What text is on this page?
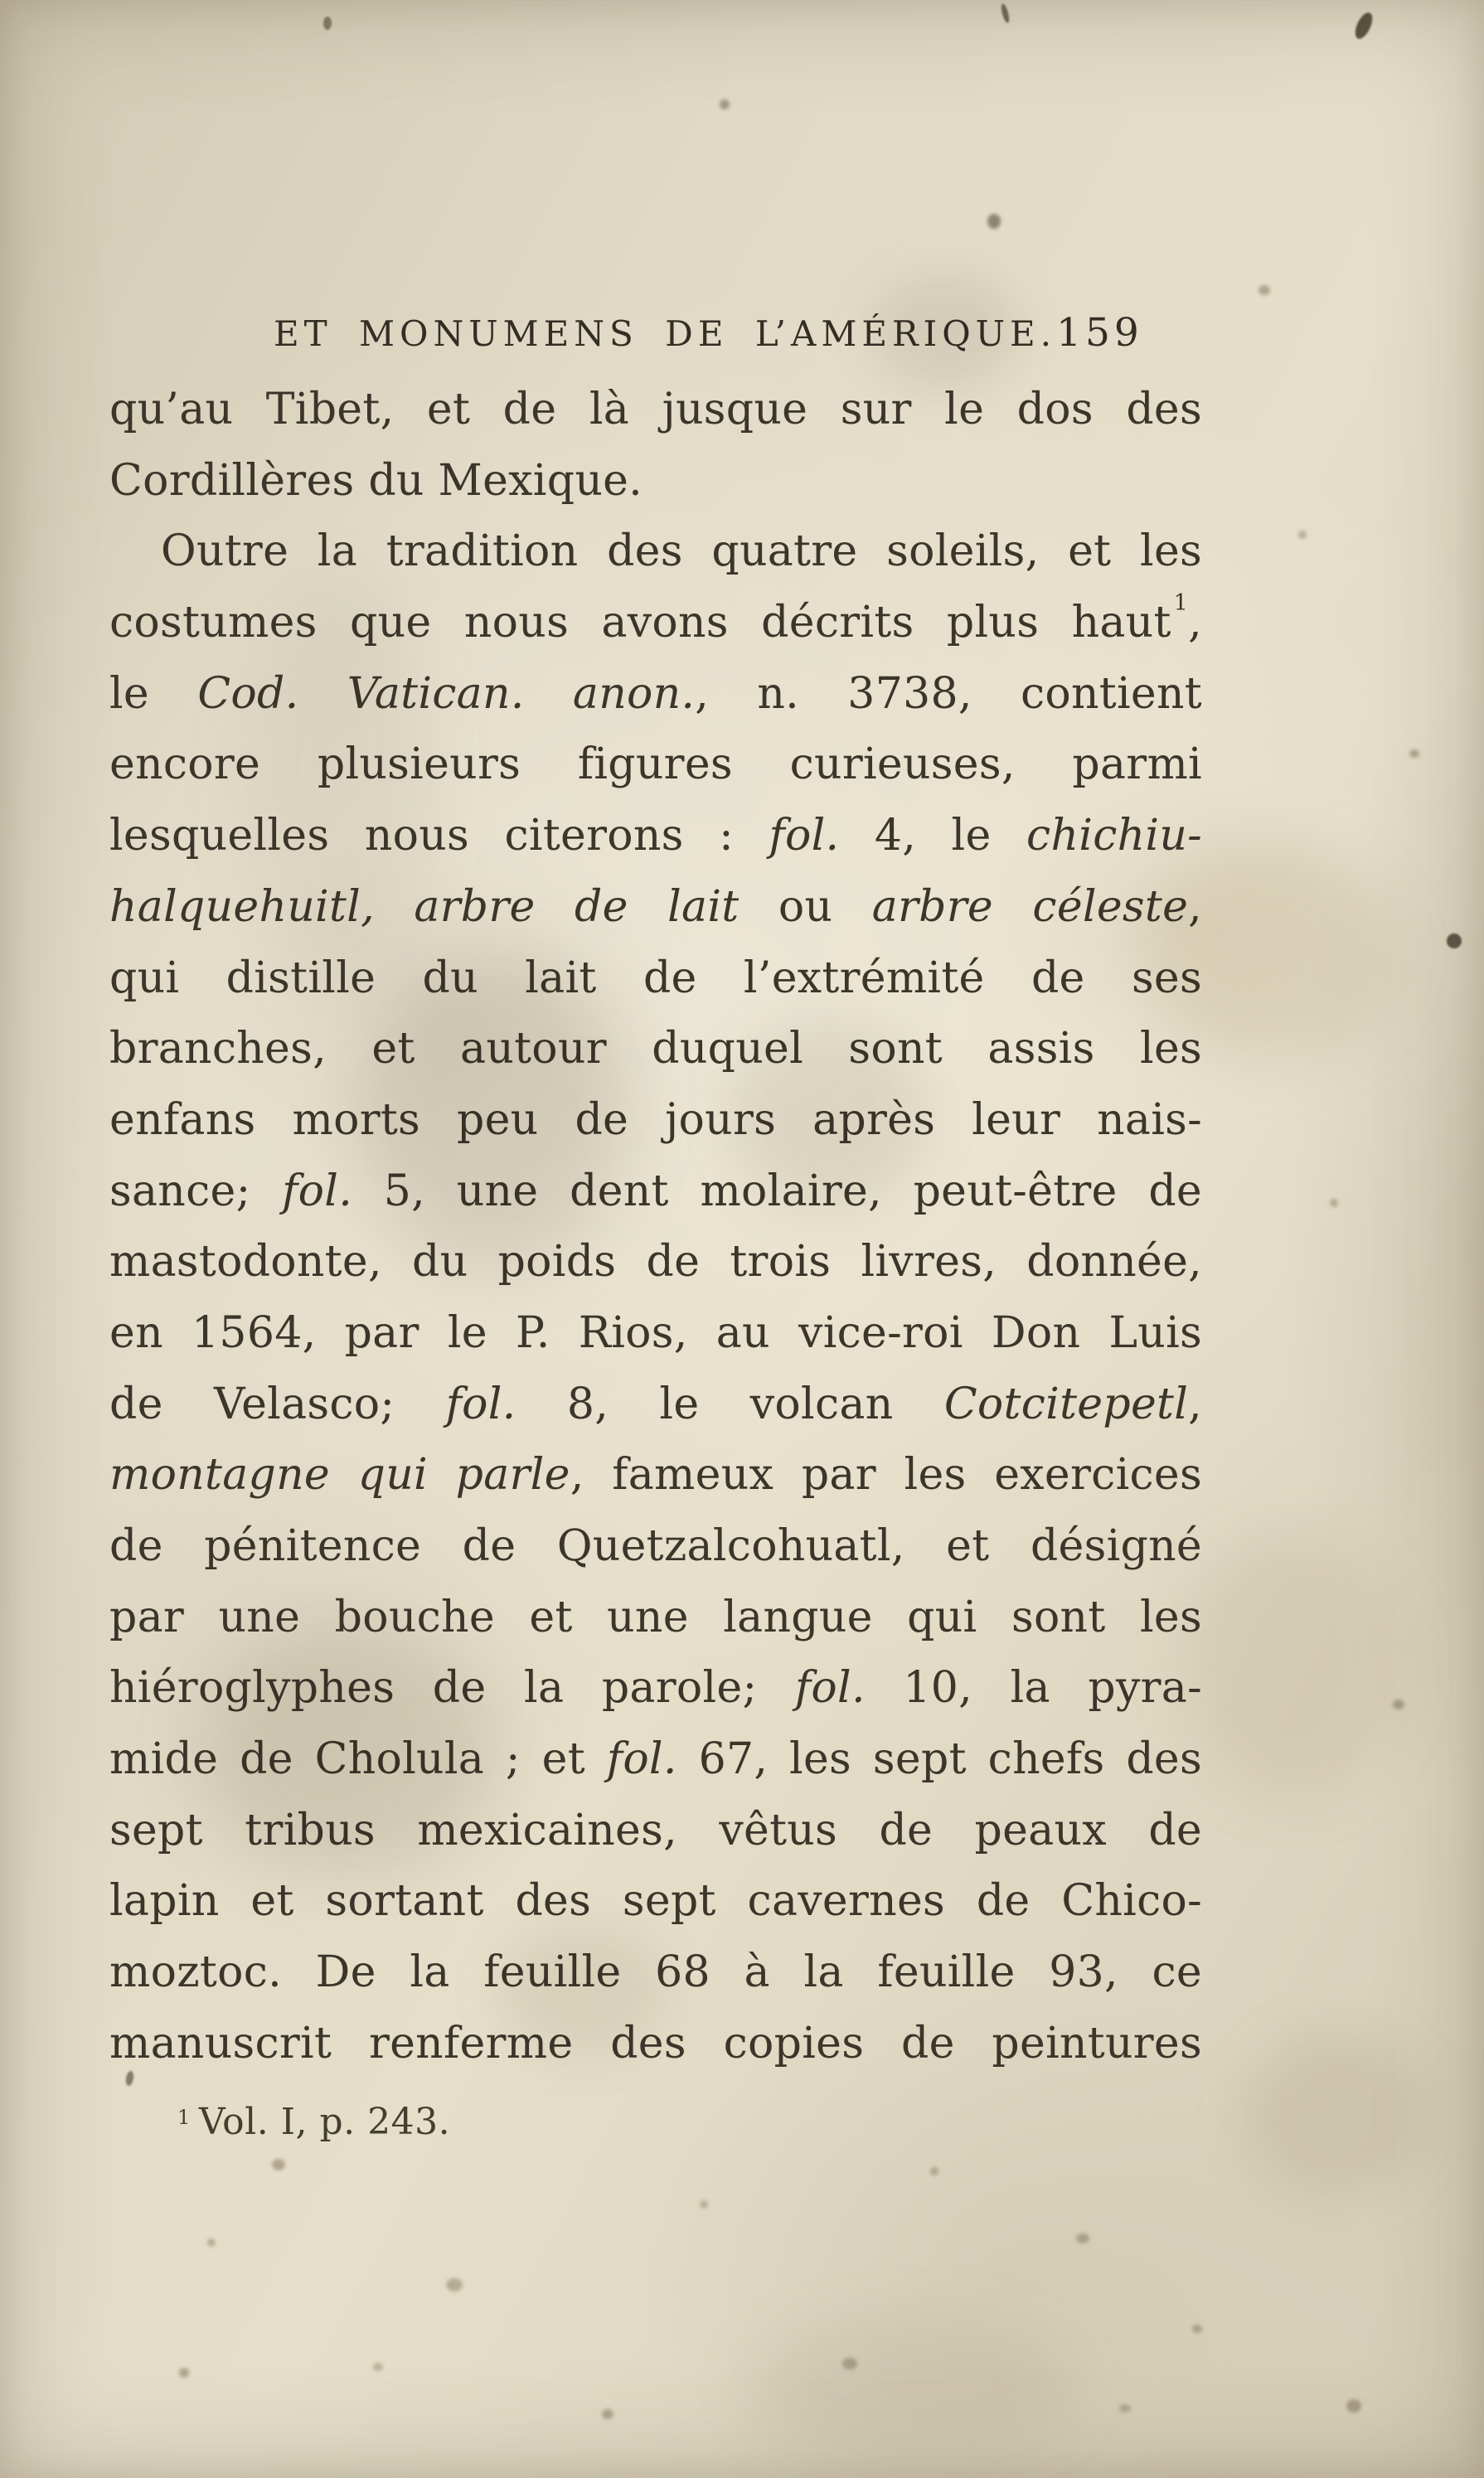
ET MONUMENS DE L’AMÉRIQUE. 159
qu’au Tibet, et de là jusque sur le dos des
Cordillères du Mexique.
Outre la tradition des quatre soleils, et les
costumes que nous avons décrits plus haut $^1$,
le Cod. Vatican. anon., n. 3738, contient
encore plusieurs figures curieuses, parmi
lesquelles nous citerons : fol. 4, le chichiu-
halquehuitl, arbre de lait ou arbre céleste,
qui distille du lait de l’extrémité de ses
branches, et autour duquel sont assis les
enfans morts peu de jours après leur nais-
sance; fol. 5, une dent molaire, peut-être de
mastodonte, du poids de trois livres, donnée,
en 1564, par le P. Rios, au vice-roi Don Luis
de Velasco; fol. 8, le volcan Cotcitepetl,
montagne qui parle, fameux par les exercices
de pénitence de Quetzalcohuatl, et désigné
par une bouche et une langue qui sont les
hiéroglyphes de la parole; fol. 10, la pyra-
mide de Cholula ; et fol. 67, les sept chefs des
sept tribus mexicaines, vêtus de peaux de
lapin et sortant des sept cavernes de Chico-
moztoc. De la feuille 68 à la feuille 93, ce
manuscrit renferme des copies de peintures
$^1$ Vol. I, p. 243.
